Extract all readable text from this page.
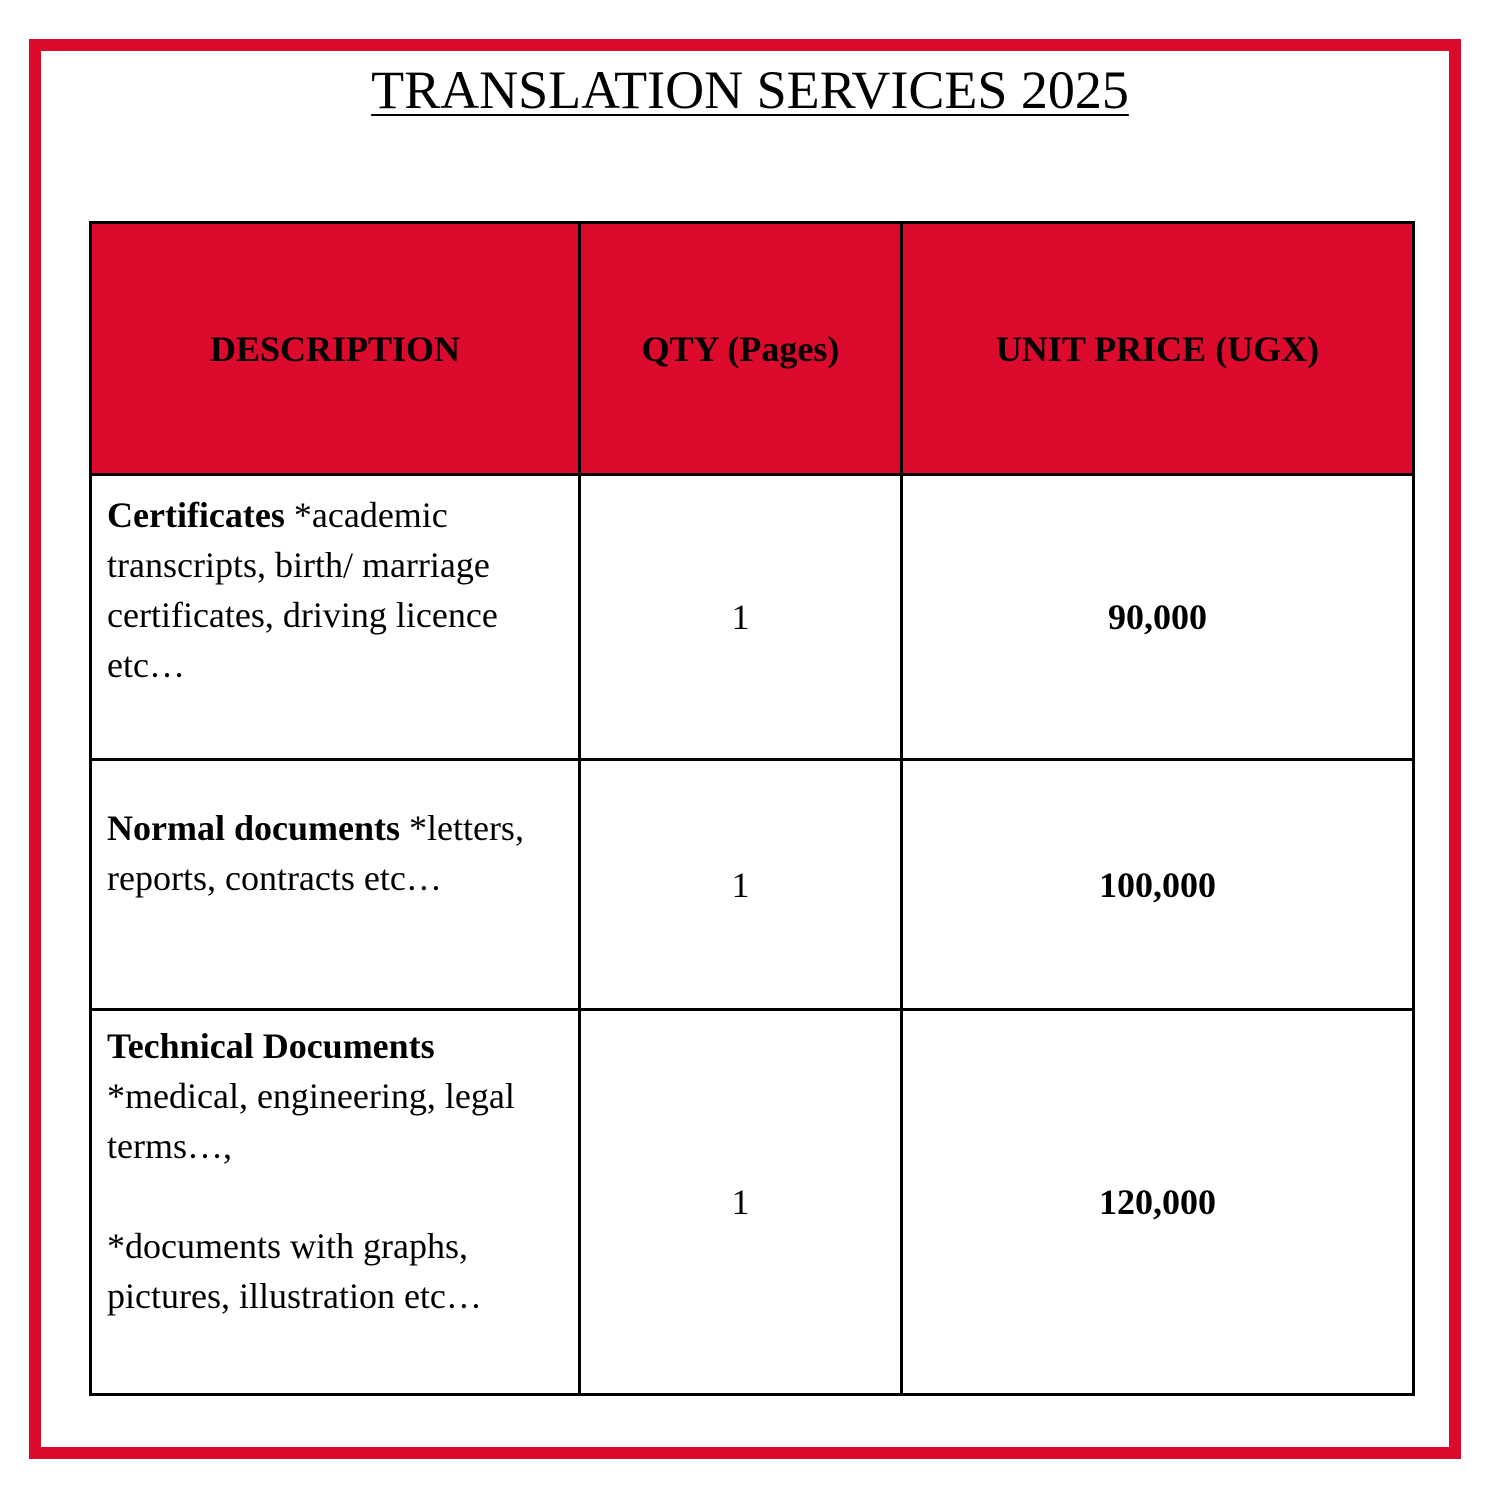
TRANSLATION SERVICES 2025
DESCRIPTION	QTY (Pages)	UNIT PRICE (UGX)
Certificates *academic transcripts, birth/ marriage certificates, driving licence etc…	1	90,000
Normal documents *letters, reports, contracts etc…	1	100,000
Technical Documents
*medical, engineering, legal terms…,
*documents with graphs, pictures, illustration etc…	1	120,000
